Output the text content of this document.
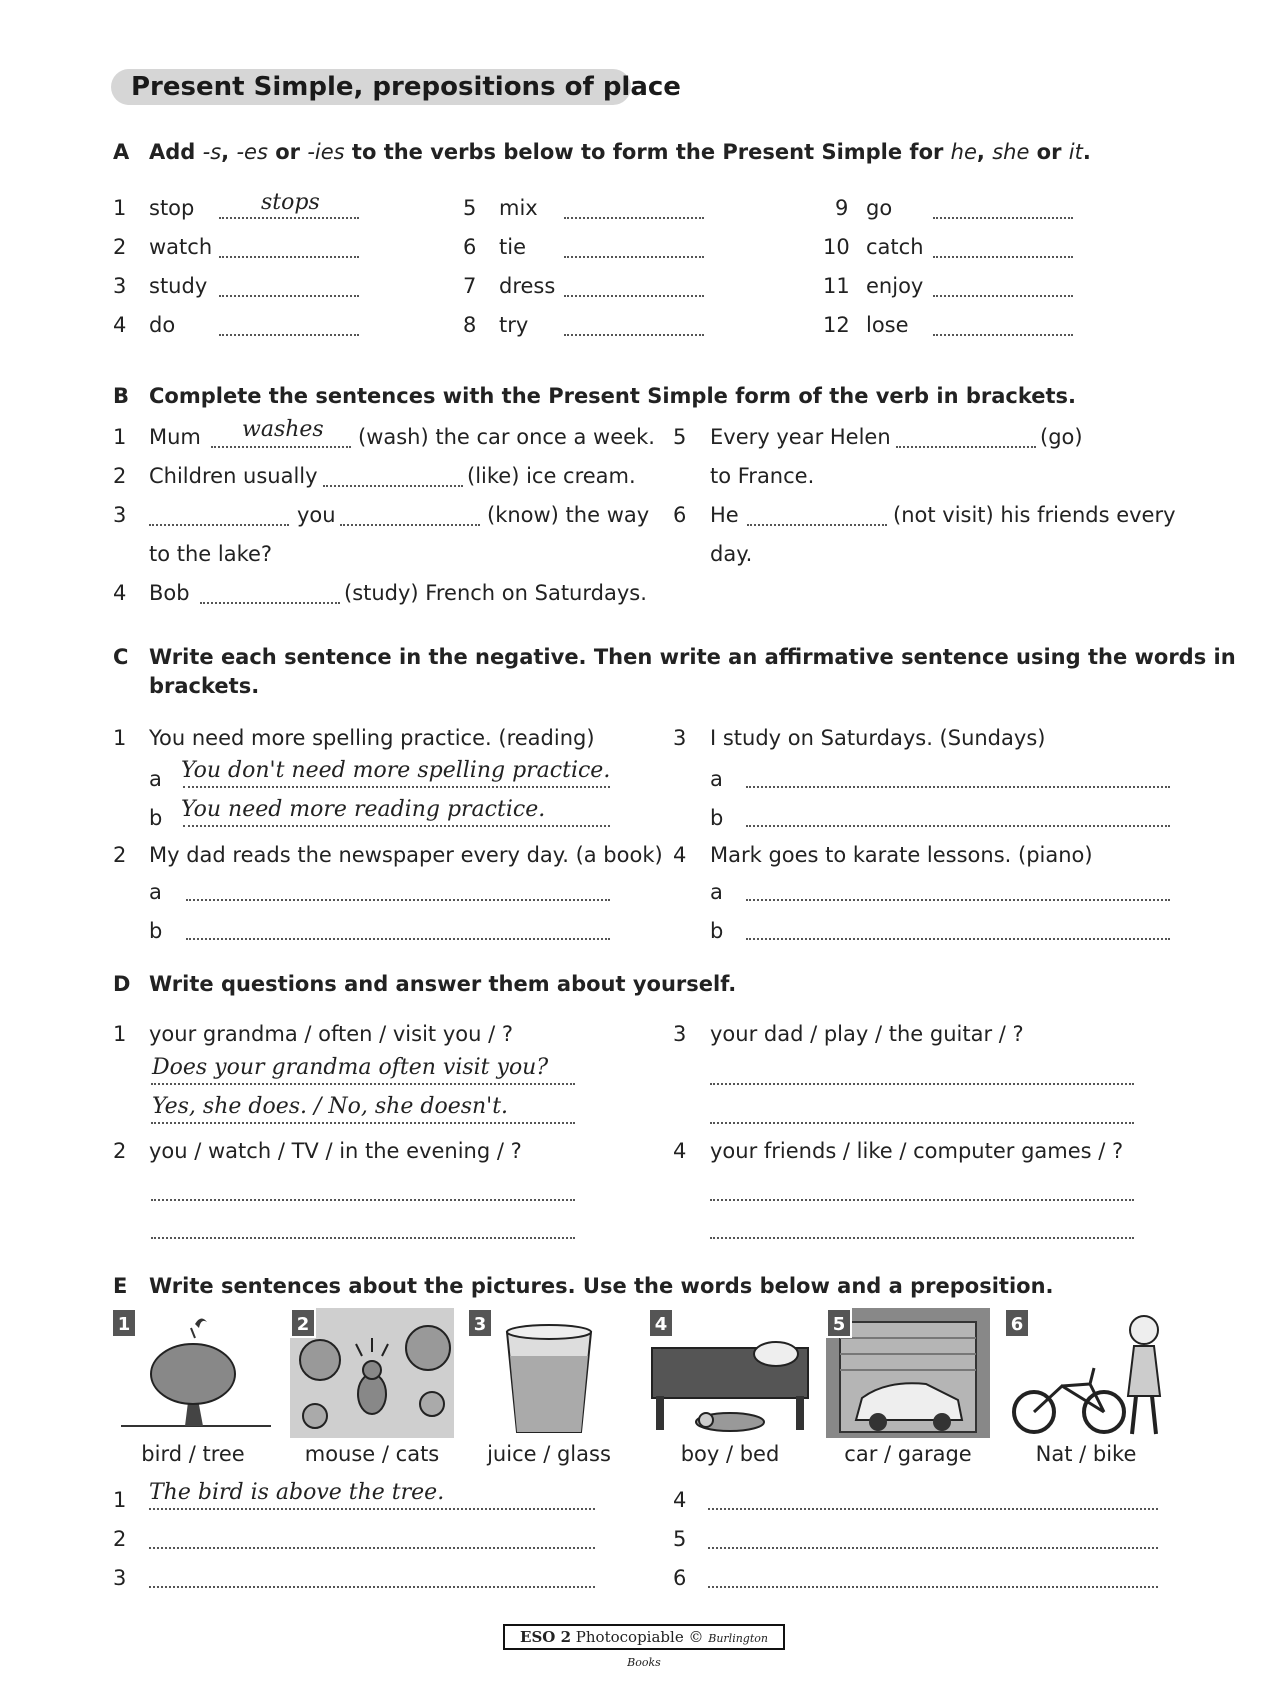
Present Simple, prepositions of place
A Add -s, -es or -ies to the verbs below to form the Present Simple for he, she or it.
1 stop	stops
2 watch
3 study
4 do
5 mix
6 tie
7 dress
8 try
9 go
10 catch
11 enjoy
12 lose
B Complete the sentences with the Present Simple form of the verb in brackets.
1 Mum washes (wash) the car once a week.
2 Children usually	(like) ice cream.
3	you	(know) the way
to the lake?
4 Bob	(study) French on Saturdays.
5 Every year Helen	(go)
to France.
6 He	(not visit) his friends every
day.
C Write each sentence in the negative. Then write an affirmative sentence using the words in
brackets.
1 You need more spelling practice. (reading)
a You don't need more spelling practice.
b You need more reading practice.
2 My dad reads the newspaper every day. (a book)
a
b
3 I study on Saturdays. (Sundays)
a
b
4 Mark goes to karate lessons. (piano)
a
b
D Write questions and answer them about yourself.
1 your grandma / often / visit you / ?
Does your grandma often visit you?
Yes, she does. / No, she doesn't.
2 you / watch / TV / in the evening / ?
3 your dad / play / the guitar / ?
4 your friends / like / computer games / ?
E Write sentences about the pictures. Use the words below and a preposition.
1	2	3	4	5	6
bird / tree	mouse / cats	juice / glass	boy / bed	car / garage	Nat / bike
1 The bird is above the tree.
2
3
4
5
6
ESO 2 Photocopiable © Burlington Books
